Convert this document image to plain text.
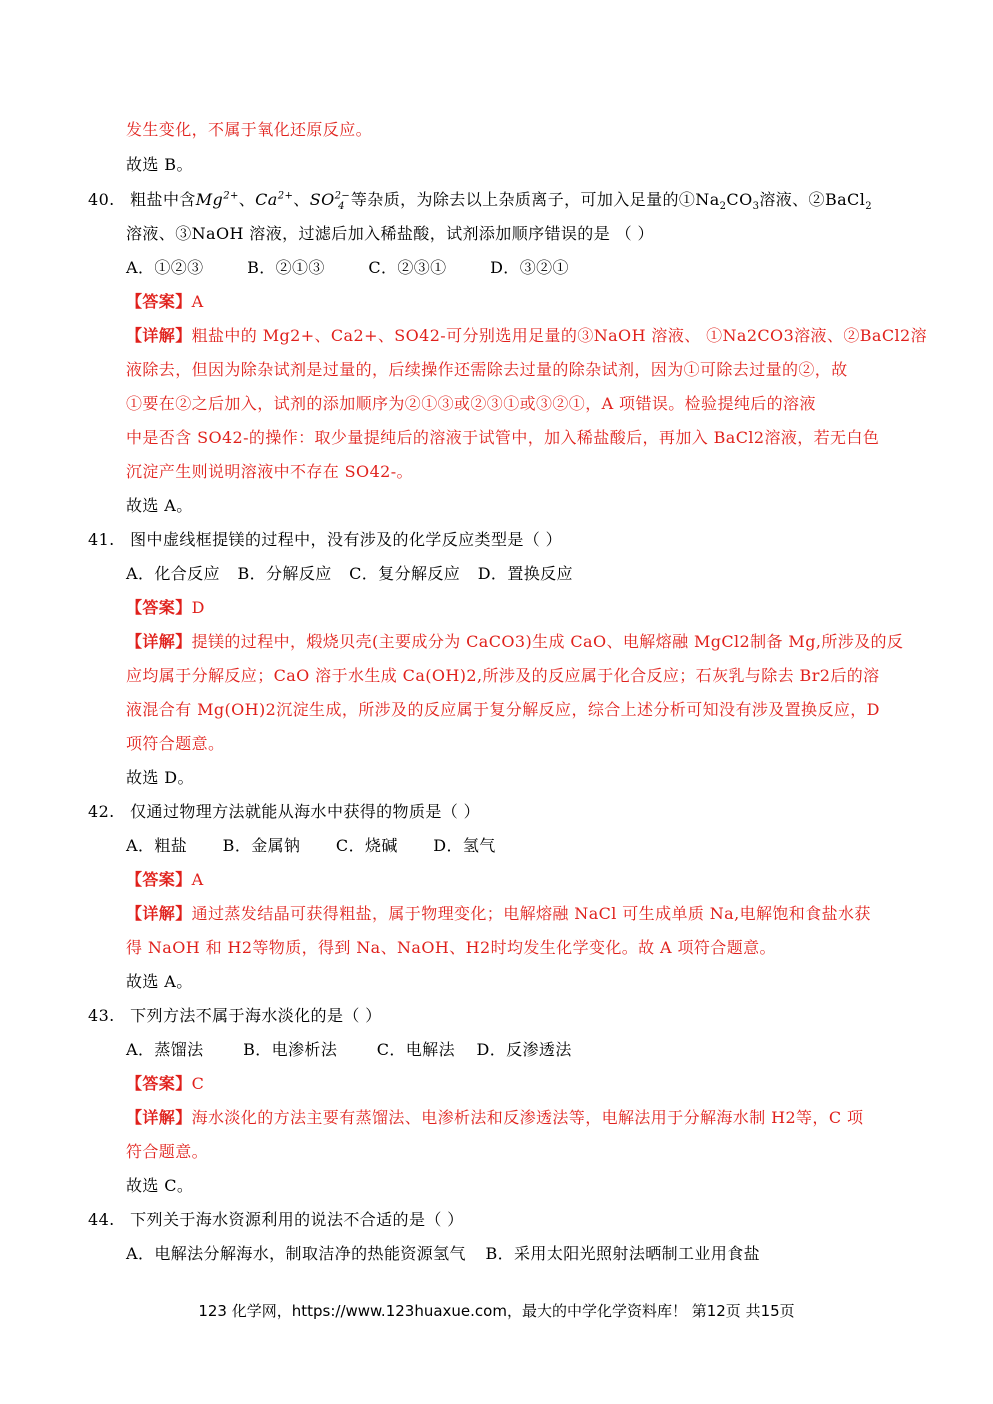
发生变化，不属于氧化还原反应。
故选 B。
40. 粗盐中含$Mg^{2+}$、$Ca^{2+}$、$SO^{2-}_4$ 等杂质，为除去以上杂质离子，可加入足量的$①Na_2CO_3$溶液、②BaCl$_2$
溶液、③NaOH 溶液，过滤后加入稀盐酸，试剂添加顺序错误的是 （ ）
A．①②③	B．②①③	C．②③①	D．③②①
【答案】A
【详解】粗盐中的 Mg2+、Ca2+、SO42-可分别选用足量的③NaOH 溶液、 ①Na2CO3溶液、②BaCl2溶
液除去，但因为除杂试剂是过量的，后续操作还需除去过量的除杂试剂，因为①可除去过量的②，故
①要在②之后加入，试剂的添加顺序为②①③或②③①或③②①，A 项错误。检验提纯后的溶液
中是否含 SO42-的操作：取少量提纯后的溶液于试管中，加入稀盐酸后，再加入 BaCl2溶液，若无白色
沉淀产生则说明溶液中不存在 SO42-。
故选 A。
41. 图中虚线框提镁的过程中，没有涉及的化学反应类型是（ ）
A．化合反应 B．分解反应 C．复分解反应 D．置换反应
【答案】D
【详解】提镁的过程中，煅烧贝壳(主要成分为 CaCO3)生成 CaO、电解熔融 MgCl2制备 Mg,所涉及的反
应均属于分解反应；CaO 溶于水生成 Ca(OH)2,所涉及的反应属于化合反应；石灰乳与除去 Br2后的溶
液混合有 Mg(OH)2沉淀生成，所涉及的反应属于复分解反应，综合上述分析可知没有涉及置换反应，D
项符合题意。
故选 D。
42. 仅通过物理方法就能从海水中获得的物质是（ ）
A．粗盐 B．金属钠 C．烧碱 D．氢气
【答案】A
【详解】通过蒸发结晶可获得粗盐，属于物理变化；电解熔融 NaCl 可生成单质 Na,电解饱和食盐水获
得 NaOH 和 H2等物质，得到 Na、NaOH、H2时均发生化学变化。故 A 项符合题意。
故选 A。
43. 下列方法不属于海水淡化的是（ ）
A．蒸馏法 B．电渗析法 C．电解法 D．反渗透法
【答案】C
【详解】海水淡化的方法主要有蒸馏法、电渗析法和反渗透法等，电解法用于分解海水制 H2等，C 项
符合题意。
故选 C。
44. 下列关于海水资源利用的说法不合适的是（ ）
A．电解法分解海水，制取洁净的热能资源氢气 B．采用太阳光照射法晒制工业用食盐
123 化学网，https://www.123huaxue.com，最大的中学化学资料库！ 第12页 共15页
